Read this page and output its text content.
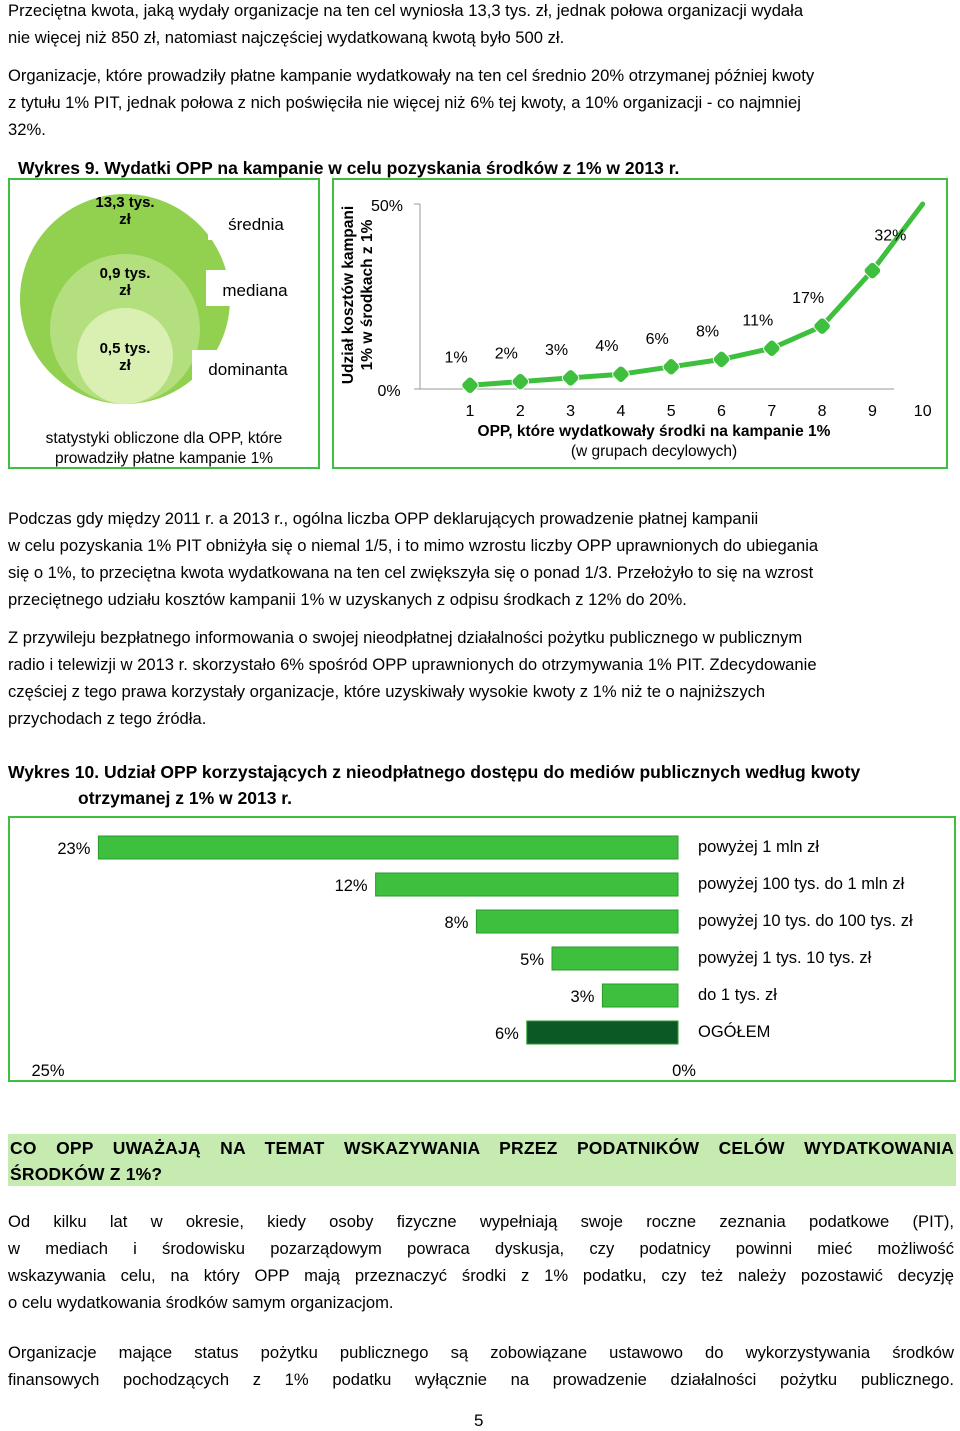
Przeciętna kwota, jaką wydały organizacje na ten cel wyniosła 13,3 tys. zł, jednak połowa organizacji wydała
nie więcej niż 850 zł, natomiast najczęściej wydatkowaną kwotą było 500 zł.
Organizacje, które prowadziły płatne kampanie wydatkowały na ten cel średnio 20% otrzymanej później kwoty
z tytułu 1% PIT, jednak połowa z nich poświęciła nie więcej niż 6% tej kwoty, a 10% organizacji - co najmniej
32%.
Wykres 9. Wydatki OPP na kampanie w celu pozyskania środków z 1% w 2013 r.
13,3 tys.
zł
0,9 tys.
zł
0,5 tys.
zł
średnia
mediana
dominanta
statystyki obliczone dla OPP, które
prowadziły płatne kampanie 1%
Udział kosztów kampani 1% w środkach z 1%
50%
0%
1	2	3	4	5	6	7	8	9 10
1% 2% 3% 4% 6% 8%
11%
17%
32%
OPP, które wydatkowały środki na kampanie 1%
(w grupach decylowych)
Podczas gdy między 2011 r. a 2013 r., ogólna liczba OPP deklarujących prowadzenie płatnej kampanii
w celu pozyskania 1% PIT obniżyła się o niemal 1/5, i to mimo wzrostu liczby OPP uprawnionych do ubiegania
się o 1%, to przeciętna kwota wydatkowana na ten cel zwiększyła się o ponad 1/3. Przełożyło to się na wzrost
przeciętnego udziału kosztów kampanii 1% w uzyskanych z odpisu środkach z 12% do 20%.
Z przywileju bezpłatnego informowania o swojej nieodpłatnej działalności pożytku publicznego w publicznym
radio i telewizji w 2013 r. skorzystało 6% spośród OPP uprawnionych do otrzymywania 1% PIT. Zdecydowanie
częściej z tego prawa korzystały organizacje, które uzyskiwały wysokie kwoty z 1% niż te o najniższych
przychodach z tego źródła.
Wykres 10. Udział OPP korzystających z nieodpłatnego dostępu do mediów publicznych według kwoty
otrzymanej z 1% w 2013 r.
23%	powyżej 1 mln zł
12%	powyżej 100 tys. do 1 mln zł
8%	powyżej 10 tys. do 100 tys. zł
5%	powyżej 1 tys. 10 tys. zł
3%	do 1 tys. zł
6%	OGÓŁEM
25%	0%
CO OPP UWAŻAJĄ NA TEMAT WSKAZYWANIA PRZEZ PODATNIKÓW CELÓW WYDATKOWANIA
ŚRODKÓW Z 1%?
Od kilku lat w okresie, kiedy osoby fizyczne wypełniają swoje roczne zeznania podatkowe (PIT),
w mediach i środowisku pozarządowym powraca dyskusja, czy podatnicy powinni mieć możliwość
wskazywania celu, na który OPP mają przeznaczyć środki z 1% podatku, czy też należy pozostawić decyzję
o celu wydatkowania środków samym organizacjom.
Organizacje mające status pożytku publicznego są zobowiązane ustawowo do wykorzystywania środków
finansowych pochodzących z 1% podatku wyłącznie na prowadzenie działalności pożytku publicznego.
5
